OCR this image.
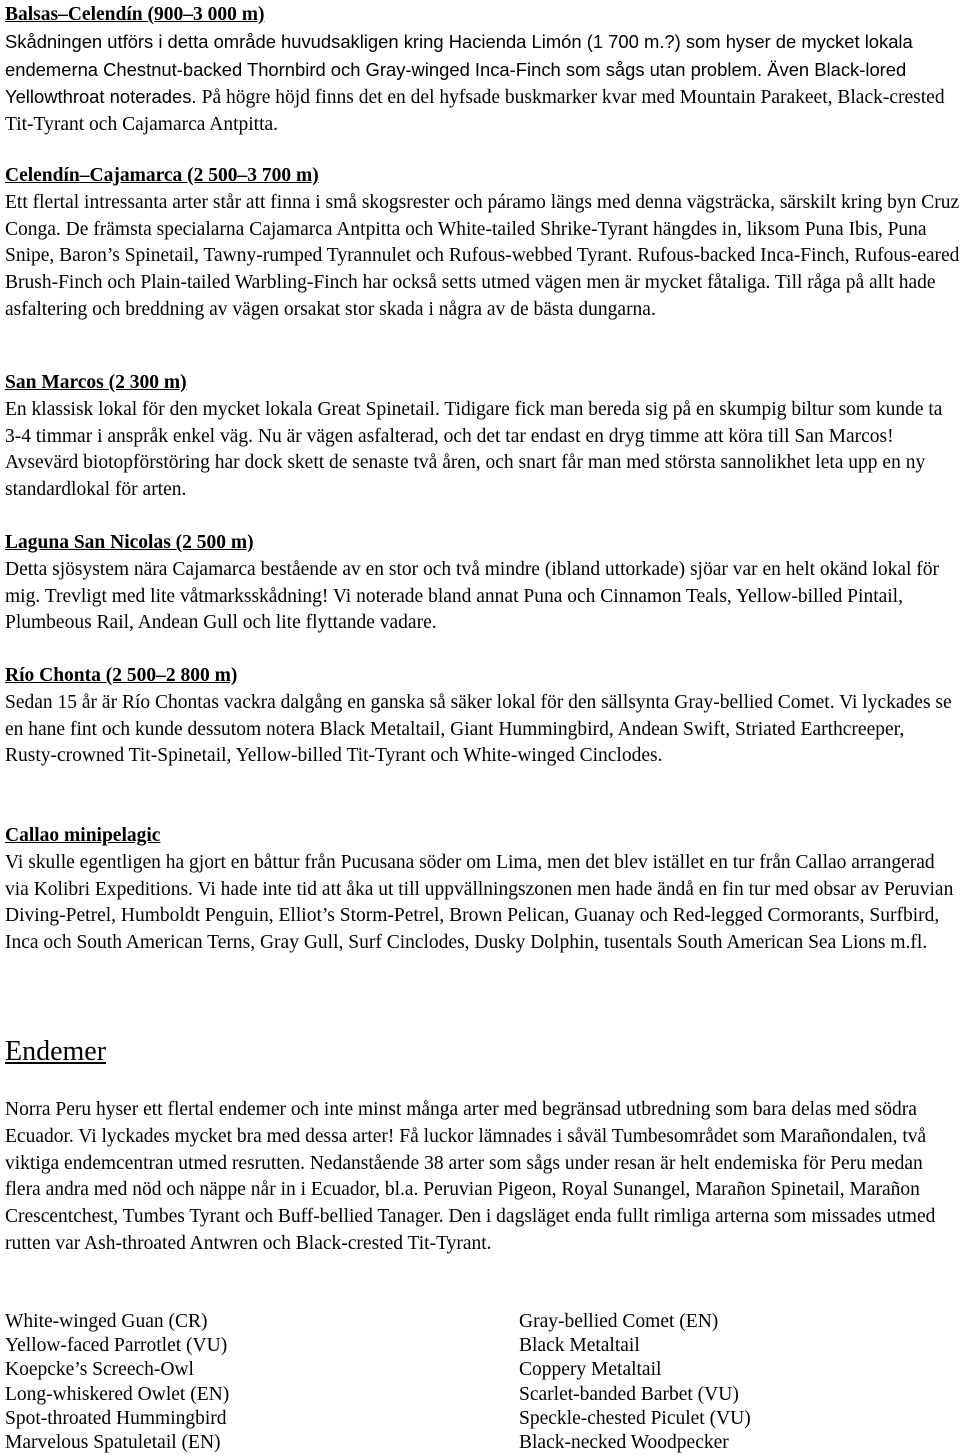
Balsas–Celendín (900–3 000 m)

Skådningen utförs i detta område huvudsakligen kring Hacienda Limón (1 700 m.?) som hyser de mycket lokala endemerna Chestnut-backed Thornbird och Gray-winged Inca-Finch som sågs utan problem. Även Black-lored Yellowthroat noterades. På högre höjd finns det en del hyfsade buskmarker kvar med Mountain Parakeet, Black-crested Tit-Tyrant och Cajamarca Antpitta.

Celendín–Cajamarca (2 500–3 700 m)

Ett flertal intressanta arter står att finna i små skogsrester och páramo längs med denna vägsträcka, särskilt kring byn Cruz Conga. De främsta specialarna Cajamarca Antpitta och White-tailed Shrike-Tyrant hängdes in, liksom Puna Ibis, Puna Snipe, Baron’s Spinetail, Tawny-rumped Tyrannulet och Rufous-webbed Tyrant. Rufous-backed Inca-Finch, Rufous-eared Brush-Finch och Plain-tailed Warbling-Finch har också setts utmed vägen men är mycket fåtaliga. Till råga på allt hade asfaltering och breddning av vägen orsakat stor skada i några av de bästa dungarna.

San Marcos (2 300 m)

En klassisk lokal för den mycket lokala Great Spinetail. Tidigare fick man bereda sig på en skumpig biltur som kunde ta 3-4 timmar i anspråk enkel väg. Nu är vägen asfalterad, och det tar endast en dryg timme att köra till San Marcos! Avsevärd biotopförstöring har dock skett de senaste två åren, och snart får man med största sannolikhet leta upp en ny standardlokal för arten.

Laguna San Nicolas (2 500 m)

Detta sjösystem nära Cajamarca bestående av en stor och två mindre (ibland uttorkade) sjöar var en helt okänd lokal för mig. Trevligt med lite våtmarksskådning! Vi noterade bland annat Puna och Cinnamon Teals, Yellow-billed Pintail, Plumbeous Rail, Andean Gull och lite flyttande vadare.

Río Chonta (2 500–2 800 m)

Sedan 15 år är Río Chontas vackra dalgång en ganska så säker lokal för den sällsynta Gray-bellied Comet. Vi lyckades se en hane fint och kunde dessutom notera Black Metaltail, Giant Hummingbird, Andean Swift, Striated Earthcreeper, Rusty-crowned Tit-Spinetail, Yellow-billed Tit-Tyrant och White-winged Cinclodes.

Callao minipelagic

Vi skulle egentligen ha gjort en båttur från Pucusana söder om Lima, men det blev istället en tur från Callao arrangerad via Kolibri Expeditions. Vi hade inte tid att åka ut till uppvällningszonen men hade ändå en fin tur med obsar av Peruvian Diving-Petrel, Humboldt Penguin, Elliot’s Storm-Petrel, Brown Pelican, Guanay och Red-legged Cormorants, Surfbird, Inca och South American Terns, Gray Gull, Surf Cinclodes, Dusky Dolphin, tusentals South American Sea Lions m.fl.

Endemer

Norra Peru hyser ett flertal endemer och inte minst många arter med begränsad utbredning som bara delas med södra Ecuador. Vi lyckades mycket bra med dessa arter! Få luckor lämnades i såväl Tumbesområdet som Marañondalen, två viktiga endemcentran utmed resrutten. Nedanstående 38 arter som sågs under resan är helt endemiska för Peru medan flera andra med nöd och näppe når in i Ecuador, bl.a. Peruvian Pigeon, Royal Sunangel, Marañon Spinetail, Marañon Crescentchest, Tumbes Tyrant och Buff-bellied Tanager. Den i dagsläget enda fullt rimliga arterna som missades utmed rutten var Ash-throated Antwren och Black-crested Tit-Tyrant.

White-winged Guan (CR)
Yellow-faced Parrotlet (VU)
Koepcke’s Screech-Owl
Long-whiskered Owlet (EN)
Spot-throated Hummingbird
Marvelous Spatuletail (EN)
Gray-bellied Comet (EN)
Black Metaltail
Coppery Metaltail
Scarlet-banded Barbet (VU)
Speckle-chested Piculet (VU)
Black-necked Woodpecker
